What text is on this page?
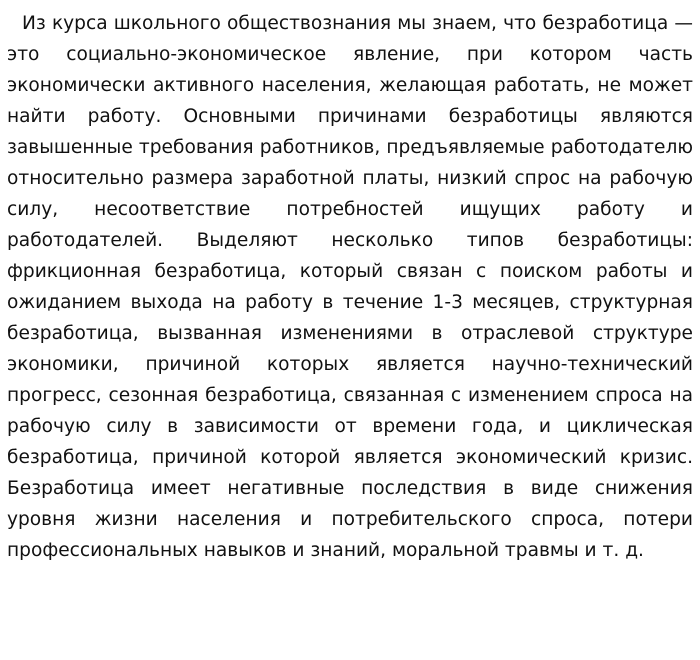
Из курса школьного обществознания мы знаем, что безработица — это социально-экономическое явление, при котором часть экономически активного населения, желающая работать, не может найти работу. Основными причинами безработицы являются завышенные требования работников, предъявляемые работодателю относительно размера заработной платы, низкий спрос на рабочую силу, несоответствие потребностей ищущих работу и работодателей. Выделяют несколько типов безработицы: фрикционная безработица, который связан с поиском работы и ожиданием выхода на работу в течение 1-3 месяцев, структурная безработица, вызванная изменениями в отраслевой структуре экономики, причиной которых является научно-технический прогресс, сезонная безработица, связанная с изменением спроса на рабочую силу в зависимости от времени года, и циклическая безработица, причиной которой является экономический кризис. Безработица имеет негативные последствия в виде снижения уровня жизни населения и потребительского спроса, потери профессиональных навыков и знаний, моральной травмы и т. д.
